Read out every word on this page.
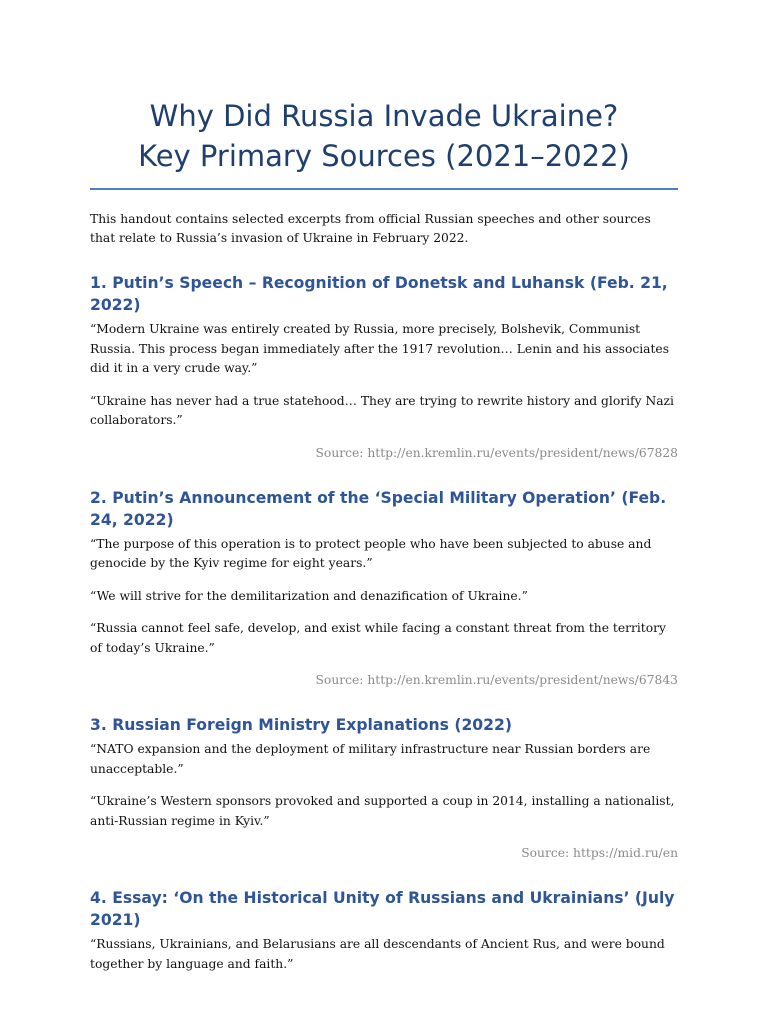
Why Did Russia Invade Ukraine?
Key Primary Sources (2021–2022)

This handout contains selected excerpts from official Russian speeches and other sources that relate to Russia’s invasion of Ukraine in February 2022.

1. Putin’s Speech – Recognition of Donetsk and Luhansk (Feb. 21, 2022)

“Modern Ukraine was entirely created by Russia, more precisely, Bolshevik, Communist Russia. This process began immediately after the 1917 revolution… Lenin and his associates did it in a very crude way.”

“Ukraine has never had a true statehood… They are trying to rewrite history and glorify Nazi collaborators.”

Source: http://en.kremlin.ru/events/president/news/67828
2. Putin’s Announcement of the ‘Special Military Operation’ (Feb. 24, 2022)

“The purpose of this operation is to protect people who have been subjected to abuse and genocide by the Kyiv regime for eight years.”

“We will strive for the demilitarization and denazification of Ukraine.”

“Russia cannot feel safe, develop, and exist while facing a constant threat from the territory of today’s Ukraine.”

Source: http://en.kremlin.ru/events/president/news/67843
3. Russian Foreign Ministry Explanations (2022)

“NATO expansion and the deployment of military infrastructure near Russian borders are unacceptable.”

“Ukraine’s Western sponsors provoked and supported a coup in 2014, installing a nationalist, anti-Russian regime in Kyiv.”

Source: https://mid.ru/en
4. Essay: ‘On the Historical Unity of Russians and Ukrainians’ (July 2021)

“Russians, Ukrainians, and Belarusians are all descendants of Ancient Rus, and were bound together by language and faith.”
